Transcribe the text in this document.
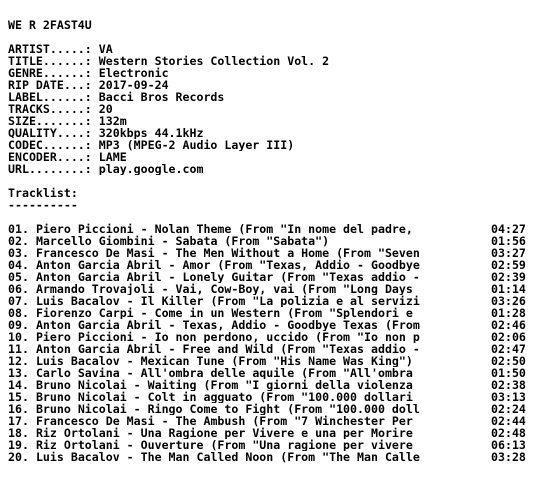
WE R 2FAST4U
ARTIST.....: VA
TITLE......: Western Stories Collection Vol. 2
GENRE......: Electronic
RIP DATE...: 2017-09-24
LABEL......: Bacci Bros Records
TRACKS.....: 20
SIZE.......: 132m
QUALITY....: 320kbps 44.1kHz
CODEC......: MP3 (MPEG-2 Audio Layer III)
ENCODER....: LAME
URL........: play.google.com
Tracklist:
----------
01. Piero Piccioni - Nolan Theme (From "In nome del padre,	04:27
02. Marcello Giombini - Sabata (From "Sabata")	01:56
03. Francesco De Masi - The Men Without a Home (From "Seven	03:27
04. Anton Garcia Abril - Amor (From "Texas, Addio - Goodbye	02:59
05. Anton Garcia Abril - Lonely Guitar (From "Texas addio -	02:39
06. Armando Trovajoli - Vai, Cow-Boy, vai (From "Long Days	01:14
07. Luis Bacalov - Il Killer (From "La polizia e al servizi	03:26
08. Fiorenzo Carpi - Come in un Western (From "Splendori e	01:28
09. Anton Garcia Abril - Texas, Addio - Goodbye Texas (From	02:46
10. Piero Piccioni - Io non perdono, uccido (From "Io non p	02:06
11. Anton Garcia Abril - Free and Wild (From "Texas addio -	02:47
12. Luis Bacalov - Mexican Tune (From "His Name Was King")	02:50
13. Carlo Savina - All'ombra delle aquile (From "All'ombra	01:50
14. Bruno Nicolai - Waiting (From "I giorni della violenza	02:38
15. Bruno Nicolai - Colt in agguato (From "100.000 dollari	03:13
16. Bruno Nicolai - Ringo Come to Fight (From "100.000 doll	02:24
17. Francesco De Masi - The Ambush (From "7 Winchester Per	02:44
18. Riz Ortolani - Una Ragione per Vivere e una per Morire	02:48
19. Riz Ortolani - Ouverture (From "Una ragione per vivere	06:13
20. Luis Bacalov - The Man Called Noon (From "The Man Calle	03:28
